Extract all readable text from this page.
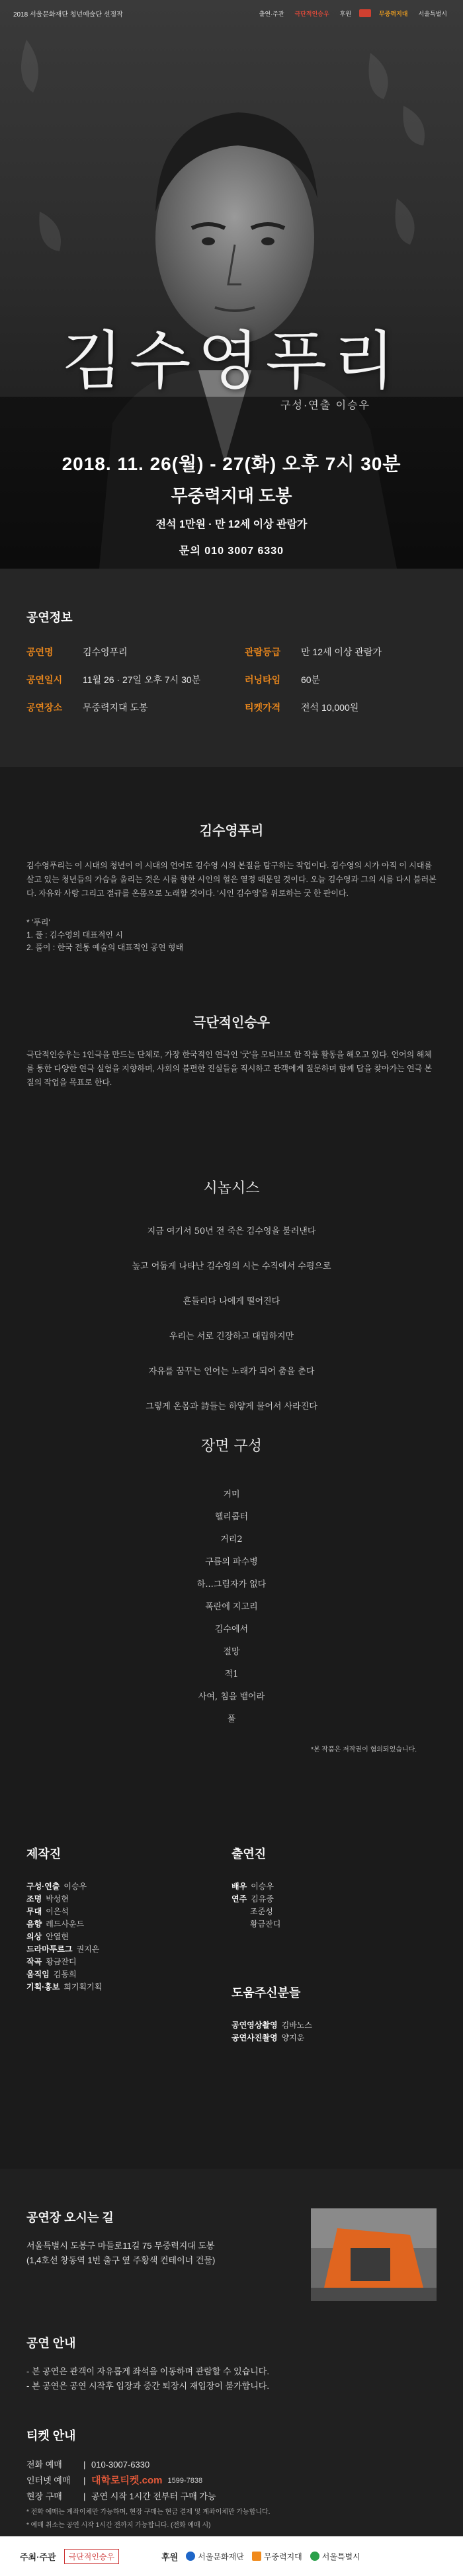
2018 서울문화재단 청년예술단 선정작	출연·주관	극단적인승우	후원	무중력지대	서울특별시
김수영푸리
구성·연출 이승우
2018. 11. 26(월) - 27(화) 오후 7시 30분
무중력지대 도봉
전석 1만원 · 만 12세 이상 관람가
문의 010 3007 6330
공연정보
공연명	김수영푸리	관람등급	만 12세 이상 관람가
공연일시	11월 26 · 27일 오후 7시 30분	러닝타임	60분
공연장소	무중력지대 도봉	티켓가격	전석 10,000원
김수영푸리

김수영푸리는 이 시대의 청년이 이 시대의 언어로 김수영 시의 본질을 탐구하는 작업이다. 김수영의 시가 아직 이 시대를 살고 있는 청년들의 가슴을 울리는 것은 시를 향한 시인의 혈은 열정 때문일 것이다. 오늘 김수영과 그의 시를 다시 불러본다. 자유와 사랑 그리고 절규를 온몸으로 노래할 것이다. '시인 김수영'을 위로하는 굿 한 판이다.

* '푸리'
1. 풀 : 김수영의 대표적인 시
2. 풀이 : 한국 전통 예술의 대표적인 공연 형태
극단적인승우

극단적인승우는 1인극을 만드는 단체로, 가장 한국적인 연극인 '굿'을 모티브로 한 작품 활동을 해오고 있다. 언어의 해체를 통한 다양한 연극 실험을 지향하며, 사회의 불편한 진실들을 직시하고 관객에게 질문하며 함께 답을 찾아가는 연극 본질의 작업을 목표로 한다.

시놉시스
지금 여기서 50년 전 죽은 김수영을 불러낸다
높고 어둡게 나타난 김수영의 시는 수직에서 수평으로
흔들리다 나에게 떨어진다
우리는 서로 긴장하고 대립하지만
자유를 꿈꾸는 언어는 노래가 되어 춤을 춘다
그렇게 온몸과 詩들는 하얗게 물어서 사라진다
장면 구성
거미
헬리콥터
거리2
구름의 파수병
하...그림자가 없다
폭란에 지고리
김수에서
절망
적1
사여, 침을 뱉어라
풀
*본 작품은 저작권이 협의되었습니다.
제작진
구성·연출 이승우
조명 박성현
무대 이은석
음향 레드사운드
의상 안열현
드라마투르그 권지은
작곡 황금잔디
움직임 김동희
기획·홍보 희기획기획
출연진
배우 이승우
연주 김유중
조준성
황금잔디
도움주신분들
공연영상촬영 김바노스
공연사진촬영 양지운
공연장 오시는 길
서울특별시 도봉구 마들로11길 75 무중력지대 도봉
(1,4호선 창동역 1번 출구 옆 주황색 컨테이너 건물)
공연 안내
- 본 공연은 관객이 자유롭게 좌석을 이동하며 관람할 수 있습니다.
- 본 공연은 공연 시작후 입장과 중간 퇴장시 재입장이 불가합니다.
티켓 안내
전화 예매	| 010-3007-6330
인터넷 예매	| 대학로티켓.com 1599-7838
현장 구매	| 공연 시작 1시간 전부터 구매 가능
* 전화 예매는 계좌이체만 가능하며, 현장 구매는 현금 결제 및 계좌이체만 가능합니다.
* 예매 취소는 공연 시작 1시간 전까지 가능합니다. (전화 예매 시)
주최·주관	극단적인승우	후원	서울문화재단	무중력지대	서울특별시
